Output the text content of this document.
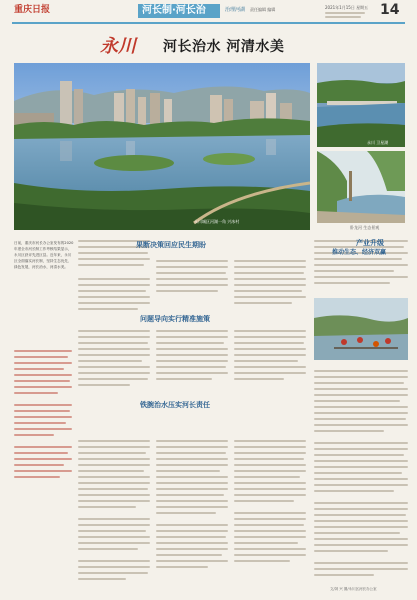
重庆日报	河长制·河长治	治理河湖 责任编辑 编辑	2021年1月15日 星期五 14
永川 河长治水 河清水美
永川城区河湖一角 兴冰村
永川 卫星湖
卧龙河 生态景观
日前，重庆市河长办公室发布的2020年度全市河长制工作考核结果显示，永川区获评先进区县。近年来，永川区全面落实河长制，坚持生态优先、绿色发展，河长治水，河清水美。
果断决策回应民生期盼
问题导向实行精准施策
铁腕治水压实河长责任
产业升级
推动生态、经济双赢
文/刘 兴 图/永川区河长办公室
